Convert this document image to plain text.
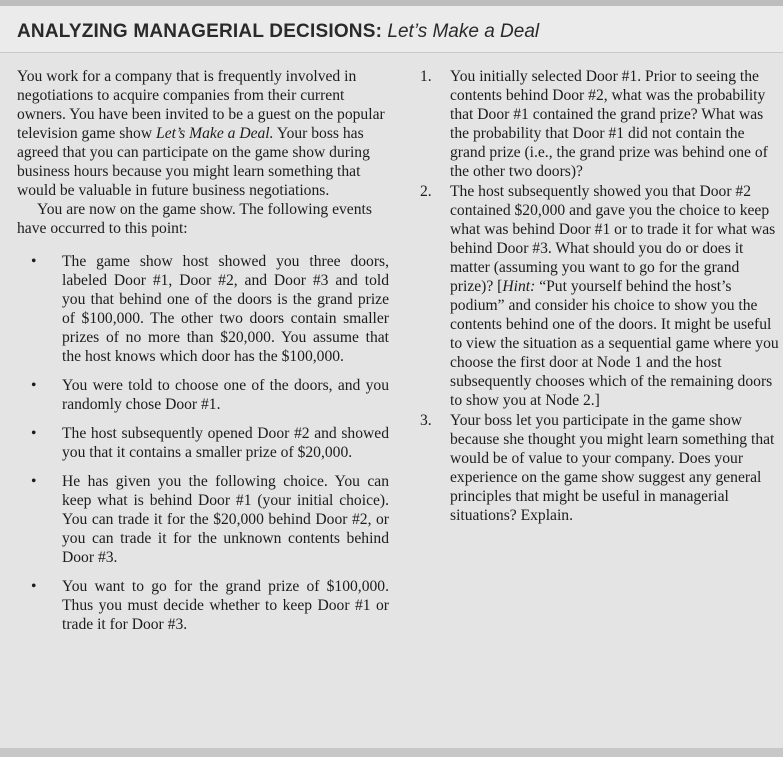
ANALYZING MANAGERIAL DECISIONS: Let’s Make a Deal

You work for a company that is frequently involved in negotiations to acquire companies from their current owners. You have been invited to be a guest on the popular television game show Let’s Make a Deal. Your boss has agreed that you can participate on the game show during business hours because you might learn something that would be valuable in future business negotiations.

You are now on the game show. The following events have occurred to this point:

• The game show host showed you three doors, labeled Door #1, Door #2, and Door #3 and told you that behind one of the doors is the grand prize of $100,000. The other two doors contain smaller prizes of no more than $20,000. You assume that the host knows which door has the $100,000.
• You were told to choose one of the doors, and you randomly chose Door #1.
• The host subsequently opened Door #2 and showed you that it contains a smaller prize of $20,000.
• He has given you the following choice. You can keep what is behind Door #1 (your initial choice). You can trade it for the $20,000 behind Door #2, or you can trade it for the unknown contents behind Door #3.
• You want to go for the grand prize of $100,000. Thus you must decide whether to keep Door #1 or trade it for Door #3.
1. You initially selected Door #1. Prior to seeing the contents behind Door #2, what was the probability that Door #1 contained the grand prize? What was the probability that Door #1 did not contain the grand prize (i.e., the grand prize was behind one of the other two doors)?
2. The host subsequently showed you that Door #2 contained $20,000 and gave you the choice to keep what was behind Door #1 or to trade it for what was behind Door #3. What should you do or does it matter (assuming you want to go for the grand prize)? [Hint: “Put yourself behind the host’s podium” and consider his choice to show you the contents behind one of the doors. It might be useful to view the situation as a sequential game where you choose the first door at Node 1 and the host subsequently chooses which of the remaining doors to show you at Node 2.]
3. Your boss let you participate in the game show because she thought you might learn something that would be of value to your company. Does your experience on the game show suggest any general principles that might be useful in managerial situations? Explain.
